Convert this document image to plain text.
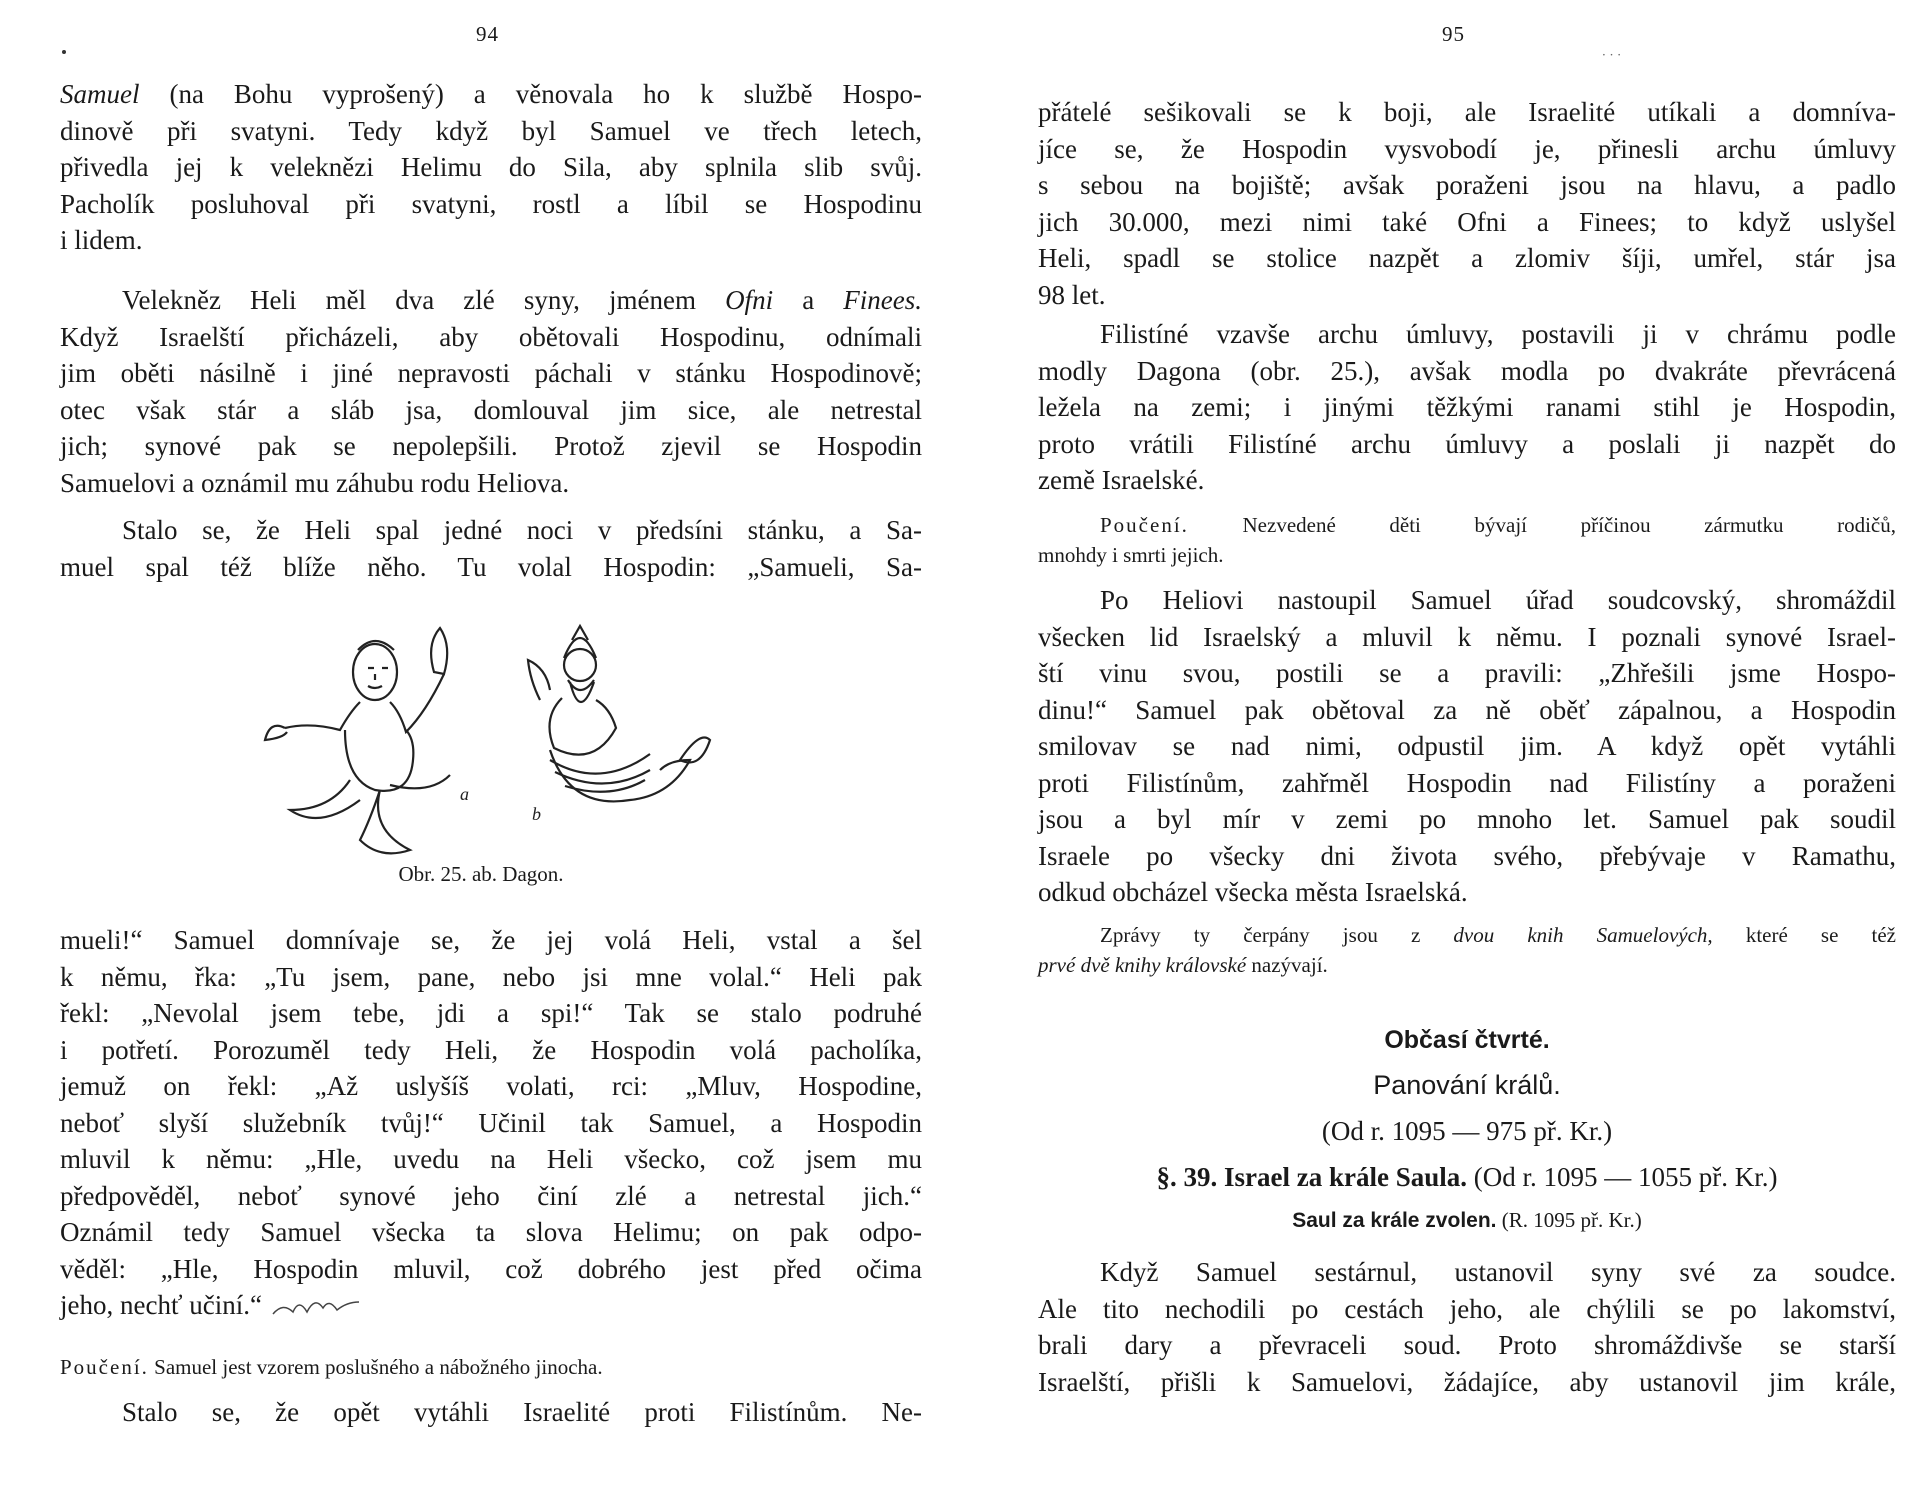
94

Samuel (na Bohu vyprošený) a věnovala ho k službě Hospo-

dinově při svatyni. Tedy když byl Samuel ve třech letech,

přivedla jej k veleknězi Helimu do Sila, aby splnila slib svůj.

Pacholík posluhoval při svatyni, rostl a líbil se Hospodinu

i lidem.

Velekněz Heli měl dva zlé syny, jménem Ofni a Finees.

Když Israelští přicházeli, aby obětovali Hospodinu, odnímali

jim oběti násilně i jiné nepravosti páchali v stánku Hospodinově;

otec však stár a sláb jsa, domlouval jim sice, ale netrestal

jich; synové pak se nepolepšili. Protož zjevil se Hospodin

Samuelovi a oznámil mu záhubu rodu Heliova.

Stalo se, že Heli spal jedné noci v předsíni stánku, a Sa-

muel spal též blíže něho. Tu volal Hospodin: „Samueli, Sa-

a
b
Obr. 25. ab. Dagon.

mueli!“ Samuel domnívaje se, že jej volá Heli, vstal a šel

k němu, řka: „Tu jsem, pane, nebo jsi mne volal.“ Heli pak

řekl: „Nevolal jsem tebe, jdi a spi!“ Tak se stalo podruhé

i potřetí. Porozuměl tedy Heli, že Hospodin volá pacholíka,

jemuž on řekl: „Až uslyšíš volati, rci: „Mluv, Hospodine,

neboť slyší služebník tvůj!“ Učinil tak Samuel, a Hospodin

mluvil k němu: „Hle, uvedu na Heli všecko, což jsem mu

předpověděl, neboť synové jeho činí zlé a netrestal jich.“

Oznámil tedy Samuel všecka ta slova Helimu; on pak odpo-

věděl: „Hle, Hospodin mluvil, což dobrého jest před očima

jeho, nechť učiní.“

Poučení. Samuel jest vzorem poslušného a nábožného jinocha.

Stalo se, že opět vytáhli Israelité proti Filistínům. Ne-

95
· · ·

přátelé sešikovali se k boji, ale Israelité utíkali a domníva-

jíce se, že Hospodin vysvobodí je, přinesli archu úmluvy

s sebou na bojiště; avšak poraženi jsou na hlavu, a padlo

jich 30.000, mezi nimi také Ofni a Finees; to když uslyšel

Heli, spadl se stolice nazpět a zlomiv šíji, umřel, stár jsa

98 let.

Filistíné vzavše archu úmluvy, postavili ji v chrámu podle

modly Dagona (obr. 25.), avšak modla po dvakráte převrácená

ležela na zemi; i jinými těžkými ranami stihl je Hospodin,

proto vrátili Filistíné archu úmluvy a poslali ji nazpět do

země Israelské.

Poučení.	Nezvedené děti bývají příčinou zármutku rodičů,

mnohdy i smrti jejich.

Po Heliovi nastoupil Samuel úřad soudcovský, shromáždil

všecken lid Israelský a mluvil k němu. I poznali synové Israel-

ští vinu svou, postili se a pravili: „Zhřešili jsme Hospo-

dinu!“ Samuel pak obětoval za ně oběť zápalnou, a Hospodin

smilovav se nad nimi, odpustil jim. A když opět vytáhli

proti Filistínům, zahřměl Hospodin nad Filistíny a poraženi

jsou a byl mír v zemi po mnoho let. Samuel pak soudil

Israele po všecky dni života svého, přebývaje v Ramathu,

odkud obcházel všecka města Israelská.

Zprávy ty čerpány jsou z dvou knih Samuelových, které se též

prvé dvě knihy královské nazývají.

Občasí čtvrté.

Panování králů.

(Od r. 1095 — 975 př. Kr.)

§. 39. Israel za krále Saula. (Od r. 1095 — 1055 př. Kr.)

Saul za krále zvolen. (R. 1095 př. Kr.)

Když Samuel sestárnul, ustanovil syny své za soudce.

Ale tito nechodili po cestách jeho, ale chýlili se po lakomství,

brali dary a převraceli soud. Proto shromáždivše se starší

Israelští, přišli k Samuelovi, žádajíce, aby ustanovil jim krále,
